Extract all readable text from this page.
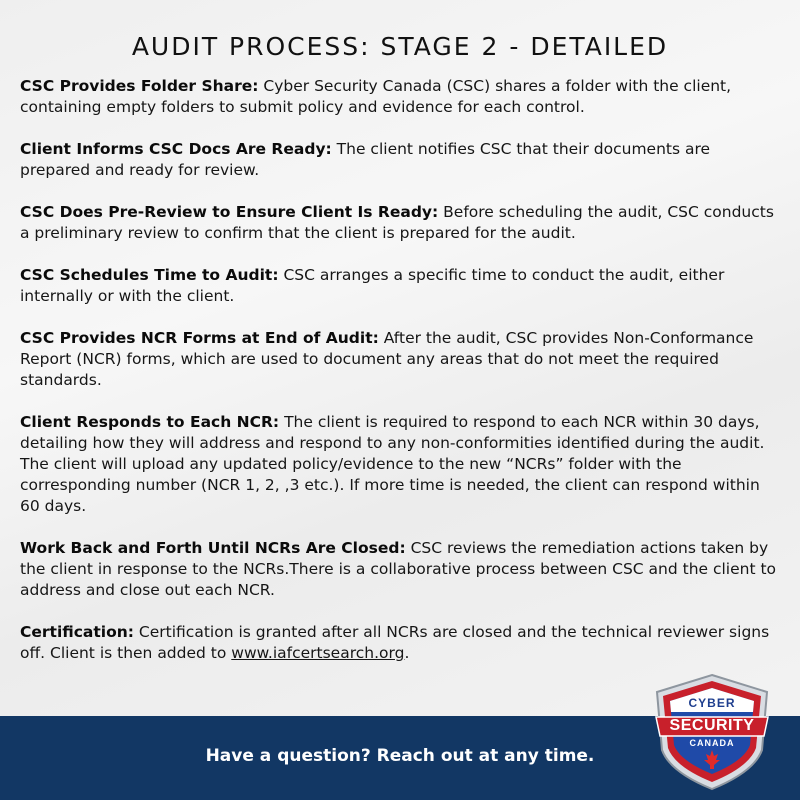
AUDIT PROCESS: STAGE 2 - DETAILED

CSC Provides Folder Share: Cyber Security Canada (CSC) shares a folder with the client, containing empty folders to submit policy and evidence for each control.

Client Informs CSC Docs Are Ready: The client notifies CSC that their documents are prepared and ready for review.

CSC Does Pre-Review to Ensure Client Is Ready: Before scheduling the audit, CSC conducts a preliminary review to confirm that the client is prepared for the audit.

CSC Schedules Time to Audit: CSC arranges a specific time to conduct the audit, either internally or with the client.

CSC Provides NCR Forms at End of Audit: After the audit, CSC provides Non-Conformance Report (NCR) forms, which are used to document any areas that do not meet the required standards.

Client Responds to Each NCR: The client is required to respond to each NCR within 30 days, detailing how they will address and respond to any non-conformities identified during the audit. The client will upload any updated policy/evidence to the new “NCRs” folder with the corresponding number (NCR 1, 2, ,3 etc.). If more time is needed, the client can respond within 60 days.

Work Back and Forth Until NCRs Are Closed: CSC reviews the remediation actions taken by the client in response to the NCRs.There is a collaborative process between CSC and the client to address and close out each NCR.

Certification: Certification is granted after all NCRs are closed and the technical reviewer signs off. Client is then added to www.iafcertsearch.org.

Have a question? Reach out at any time.
CYBER
SECURITY
CANADA
